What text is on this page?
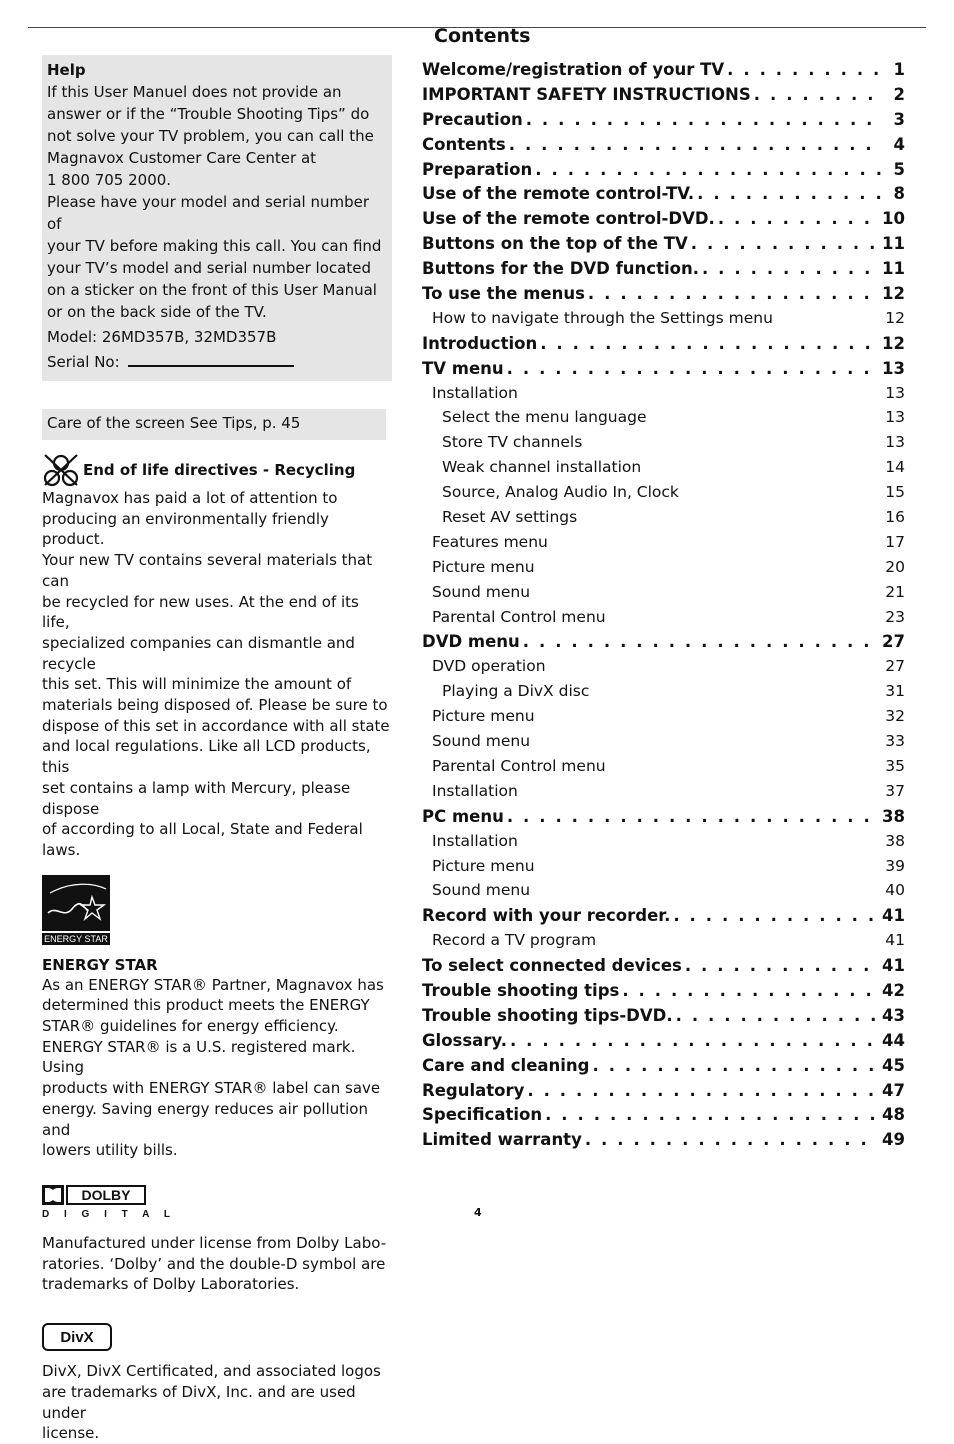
Contents
Help
If this User Manuel does not provide an
answer or if the “Trouble Shooting Tips” do
not solve your TV problem, you can call the
Magnavox Customer Care Center at
1 800 705 2000.
Please have your model and serial number of
your TV before making this call. You can find
your TV’s model and serial number located
on a sticker on the front of this User Manual
or on the back side of the TV.
Model: 26MD357B, 32MD357B
Serial No:
Care of the screen See Tips, p. 45
End of life directives - Recycling
Magnavox has paid a lot of attention to
producing an environmentally friendly product.
Your new TV contains several materials that can
be recycled for new uses. At the end of its life,
specialized companies can dismantle and recycle
this set. This will minimize the amount of
materials being disposed of. Please be sure to
dispose of this set in accordance with all state
and local regulations. Like all LCD products, this
set contains a lamp with Mercury, please dispose
of according to all Local, State and Federal laws.
ENERGY STAR
ENERGY STAR
As an ENERGY STAR® Partner, Magnavox has
determined this product meets the ENERGY
STAR® guidelines for energy efficiency.
ENERGY STAR® is a U.S. registered mark. Using
products with ENERGY STAR® label can save
energy. Saving energy reduces air pollution and
lowers utility bills.
DOLBY
D I G I T A L
Manufactured under license from Dolby Labo-
ratories. ‘Dolby’ and the double-D symbol are
trademarks of Dolby Laboratories.
DivX
DivX, DivX Certificated, and associated logos
are trademarks of DivX, Inc. and are used under
license.
Welcome/registration of your TV . . .	1
IMPORTANT SAFETY INSTRUCTIONS . . .	2
Precaution . . .	3
Contents . . .	4
Preparation . . .	5
Use of the remote control-TV. . . .	8
Use of the remote control-DVD. . . .	10
Buttons on the top of the TV . . .	11
Buttons for the DVD function. . . .	11
To use the menus . . .	12
How to navigate through the Settings menu	12
Introduction . . .	12
TV menu . . .	13
Installation	13
Select the menu language	13
Store TV channels	13
Weak channel installation	14
Source, Analog Audio In, Clock	15
Reset AV settings	16
Features menu	17
Picture menu	20
Sound menu	21
Parental Control menu	23
DVD menu . . .	27
DVD operation	27
Playing a DivX disc	31
Picture menu	32
Sound menu	33
Parental Control menu	35
Installation	37
PC menu . . .	38
Installation	38
Picture menu	39
Sound menu	40
Record with your recorder. . . .	41
Record a TV program	41
To select connected devices . . .	41
Trouble shooting tips . . .	42
Trouble shooting tips-DVD. . . .	43
Glossary. . . .	44
Care and cleaning . . .	45
Regulatory . . .	47
Specification . . .	48
Limited warranty . . .	49
4
